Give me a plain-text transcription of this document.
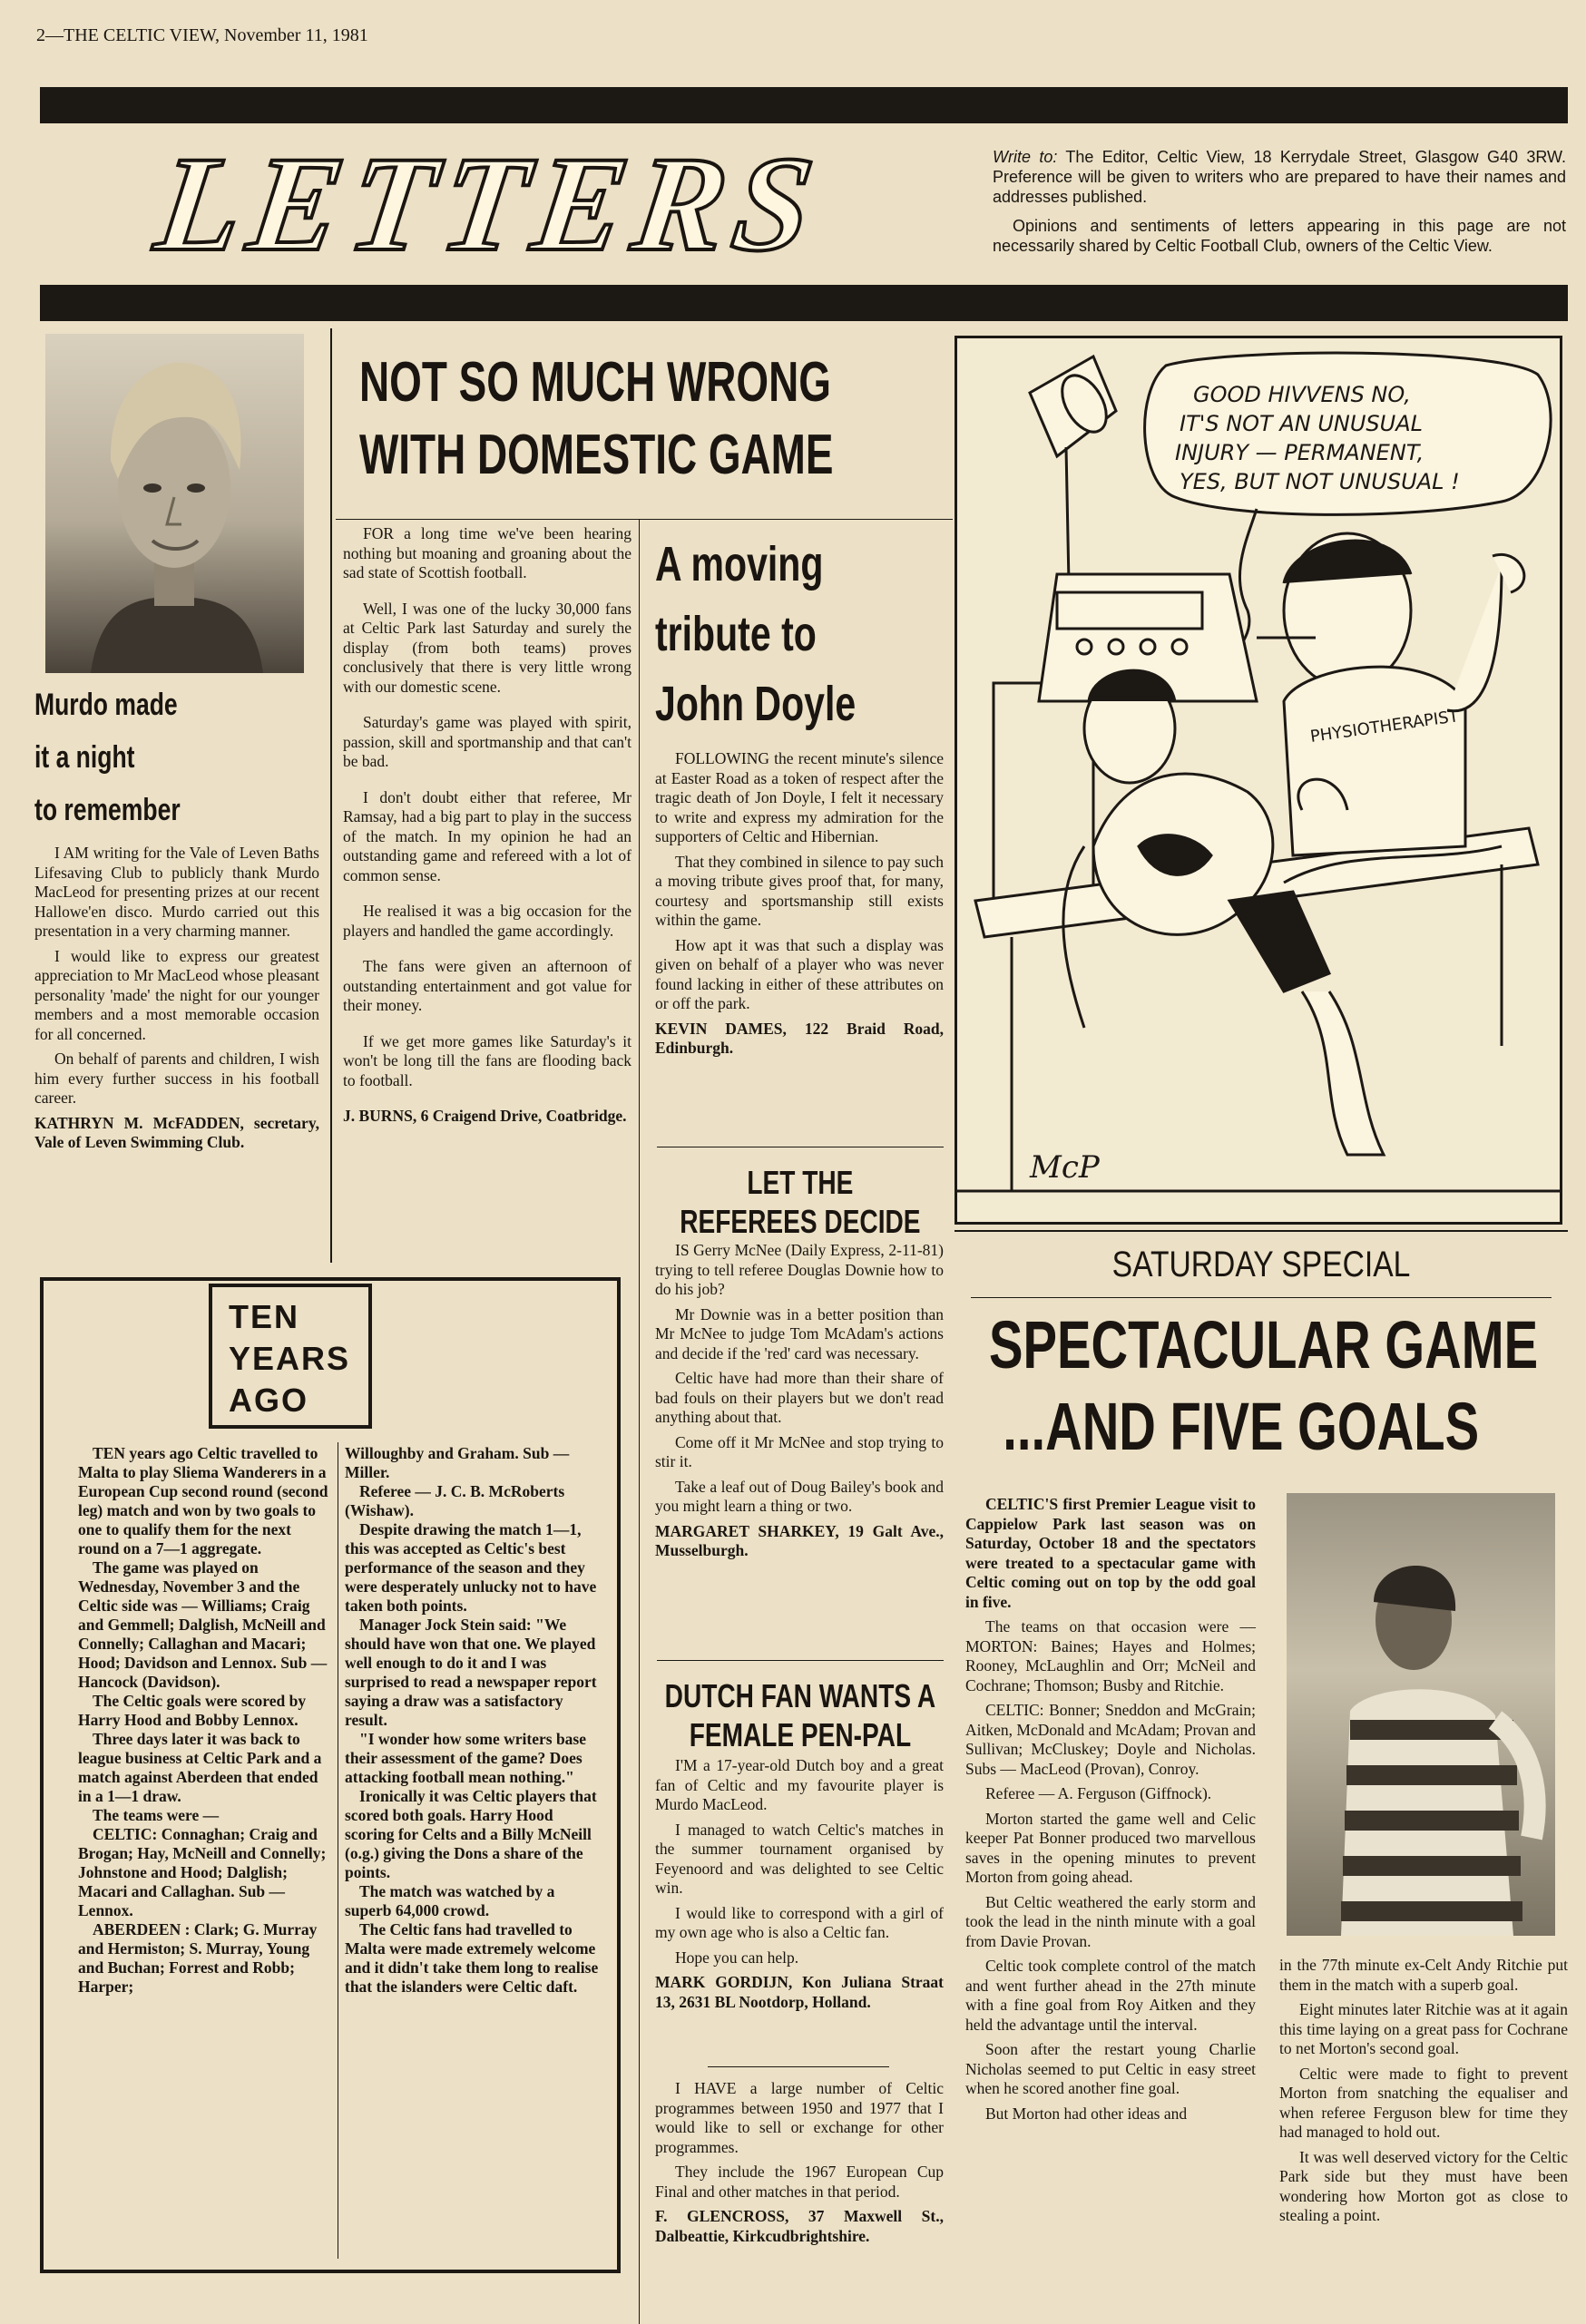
2—THE CELTIC VIEW, November 11, 1981
LETTERS	Write to: The Editor, Celtic View, 18 Kerrydale Street, Glasgow G40 3RW. Preference will be given to writers who are prepared to have their names and addresses published.

Opinions and sentiments of letters appearing in this page are not necessarily shared by Celtic Football Club, owners of the Celtic View.

Murdo made
it a night
to remember

I AM writing for the Vale of Leven Baths Lifesaving Club to publicly thank Murdo MacLeod for presenting prizes at our recent Hallowe'en disco. Murdo carried out this presentation in a very charming manner.

I would like to express our greatest appreciation to Mr MacLeod whose pleasant personality 'made' the night for our younger members and a most memorable occasion for all concerned.

On behalf of parents and children, I wish him every further success in his football career.

KATHRYN M. McFADDEN, secretary, Vale of Leven Swimming Club.

NOT SO MUCH WRONG
WITH DOMESTIC GAME

FOR a long time we've been hearing nothing but moaning and groaning about the sad state of Scottish football.

Well, I was one of the lucky 30,000 fans at Celtic Park last Saturday and surely the display (from both teams) proves conclusively that there is very little wrong with our domestic scene.

Saturday's game was played with spirit, passion, skill and sportmanship and that can't be bad.

I don't doubt either that referee, Mr Ramsay, had a big part to play in the success of the match. In my opinion he had an outstanding game and refereed with a lot of common sense.

He realised it was a big occasion for the players and handled the game accordingly.

The fans were given an afternoon of outstanding entertainment and got value for their money.

If we get more games like Saturday's it won't be long till the fans are flooding back to football.

J. BURNS, 6 Craigend Drive, Coatbridge.

A moving
tribute to
John Doyle

FOLLOWING the recent minute's silence at Easter Road as a token of respect after the tragic death of Jon Doyle, I felt it necessary to write and express my admiration for the supporters of Celtic and Hibernian.

That they combined in silence to pay such a moving tribute gives proof that, for many, courtesy and sportsmanship still exists within the game.

How apt it was that such a display was given on behalf of a player who was never found lacking in either of these attributes on or off the park.

KEVIN DAMES, 122 Braid Road, Edinburgh.

LET THE
REFEREES DECIDE

IS Gerry McNee (Daily Express, 2-11-81) trying to tell referee Douglas Downie how to do his job?

Mr Downie was in a better position than Mr McNee to judge Tom McAdam's actions and decide if the 'red' card was necessary.

Celtic have had more than their share of bad fouls on their players but we don't read anything about that.

Come off it Mr McNee and stop trying to stir it.

Take a leaf out of Doug Bailey's book and you might learn a thing or two.

MARGARET SHARKEY, 19 Galt Ave., Musselburgh.

DUTCH FAN WANTS A
FEMALE PEN-PAL

I'M a 17-year-old Dutch boy and a great fan of Celtic and my favourite player is Murdo MacLeod.

I managed to watch Celtic's matches in the summer tournament organised by Feyenoord and was delighted to see Celtic win.

I would like to correspond with a girl of my own age who is also a Celtic fan.

Hope you can help.

MARK GORDIJN, Kon Juliana Straat 13, 2631 BL Nootdorp, Holland.

I HAVE a large number of Celtic programmes between 1950 and 1977 that I would like to sell or exchange for other programmes.

They include the 1967 European Cup Final and other matches in that period.

F. GLENCROSS, 37 Maxwell St., Dalbeattie, Kirkcudbrightshire.

TEN
YEARS
AGO

TEN years ago Celtic travelled to Malta to play Sliema Wanderers in a European Cup second round (second leg) match and won by two goals to one to qualify them for the next round on a 7—1 aggregate.

The game was played on Wednesday, November 3 and the Celtic side was — Williams; Craig and Gemmell; Dalglish, McNeill and Connelly; Callaghan and Macari; Hood; Davidson and Lennox. Sub — Hancock (Davidson).

The Celtic goals were scored by Harry Hood and Bobby Lennox.

Three days later it was back to league business at Celtic Park and a match against Aberdeen that ended in a 1—1 draw.

The teams were —

CELTIC: Connaghan; Craig and Brogan; Hay, McNeill and Connelly; Johnstone and Hood; Dalglish; Macari and Callaghan. Sub — Lennox.

ABERDEEN : Clark; G. Murray and Hermiston; S. Murray, Young and Buchan; Forrest and Robb; Harper;

Willoughby and Graham. Sub — Miller.

Referee — J. C. B. McRoberts (Wishaw).

Despite drawing the match 1—1, this was accepted as Celtic's best performance of the season and they were desperately unlucky not to have taken both points.

Manager Jock Stein said: "We should have won that one. We played well enough to do it and I was surprised to read a newspaper report saying a draw was a satisfactory result.

"I wonder how some writers base their assessment of the game? Does attacking football mean nothing."

Ironically it was Celtic players that scored both goals. Harry Hood scoring for Celts and a Billy McNeill (o.g.) giving the Dons a share of the points.

The match was watched by a superb 64,000 crowd.

The Celtic fans had travelled to Malta were made extremely welcome and it didn't take them long to realise that the islanders were Celtic daft.

GOOD HIVVENS NO,
IT'S NOT AN UNUSUAL
INJURY — PERMANENT,
YES, BUT NOT UNUSUAL !
PHYSIOTHERAPIST
McP
SATURDAY SPECIAL
SPECTACULAR GAME
...AND FIVE GOALS

CELTIC'S first Premier League visit to Cappielow Park last season was on Saturday, October 18 and the spectators were treated to a spectacular game with Celtic coming out on top by the odd goal in five.

The teams on that occasion were — MORTON: Baines; Hayes and Holmes; Rooney, McLaughlin and Orr; McNeil and Cochrane; Thomson; Busby and Ritchie.

CELTIC: Bonner; Sneddon and McGrain; Aitken, McDonald and McAdam; Provan and Sullivan; McCluskey; Doyle and Nicholas. Subs — MacLeod (Provan), Conroy.

Referee — A. Ferguson (Giffnock).

Morton started the game well and Celic keeper Pat Bonner produced two marvellous saves in the opening minutes to prevent Morton from going ahead.

But Celtic weathered the early storm and took the lead in the ninth minute with a goal from Davie Provan.

Celtic took complete control of the match and went further ahead in the 27th minute with a fine goal from Roy Aitken and they held the advantage until the interval.

Soon after the restart young Charlie Nicholas seemed to put Celtic in easy street when he scored another fine goal.

But Morton had other ideas and

in the 77th minute ex-Celt Andy Ritchie put them in the match with a superb goal.

Eight minutes later Ritchie was at it again this time laying on a great pass for Cochrane to net Morton's second goal.

Celtic were made to fight to prevent Morton from snatching the equaliser and when referee Ferguson blew for time they had managed to hold out.

It was well deserved victory for the Celtic Park side but they must have been wondering how Morton got as close to stealing a point.
